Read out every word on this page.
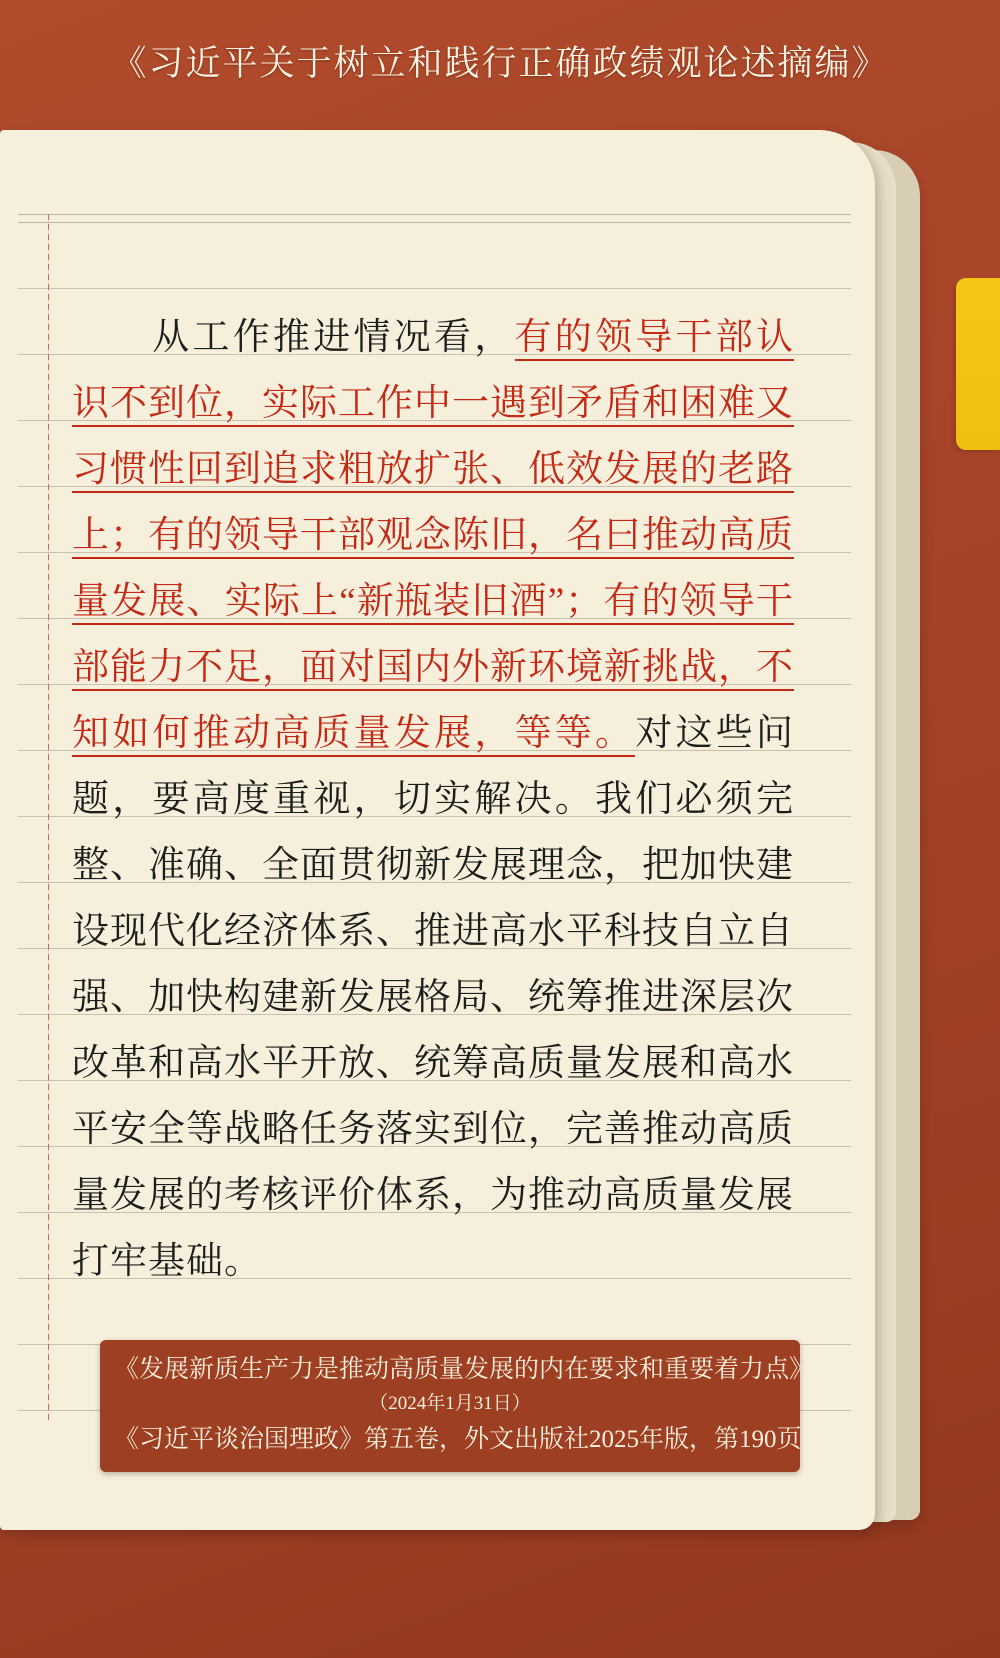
《习近平关于树立和践行正确政绩观论述摘编》
从工作推进情况看，有的领导干部认识不到位，实际工作中一遇到矛盾和困难又习惯性回到追求粗放扩张、低效发展的老路上；有的领导干部观念陈旧，名曰推动高质量发展、实际上“新瓶装旧酒”；有的领导干部能力不足，面对国内外新环境新挑战，不知如何推动高质量发展，等等。对这些问题，要高度重视，切实解决。我们必须完整、准确、全面贯彻新发展理念，把加快建设现代化经济体系、推进高水平科技自立自强、加快构建新发展格局、统筹推进深层次改革和高水平开放、统筹高质量发展和高水平安全等战略任务落实到位，完善推动高质量发展的考核评价体系，为推动高质量发展打牢基础。
《发展新质生产力是推动高质量发展的内在要求和重要着力点》
（2024年1月31日）
《习近平谈治国理政》第五卷，外文出版社2025年版，第190页
